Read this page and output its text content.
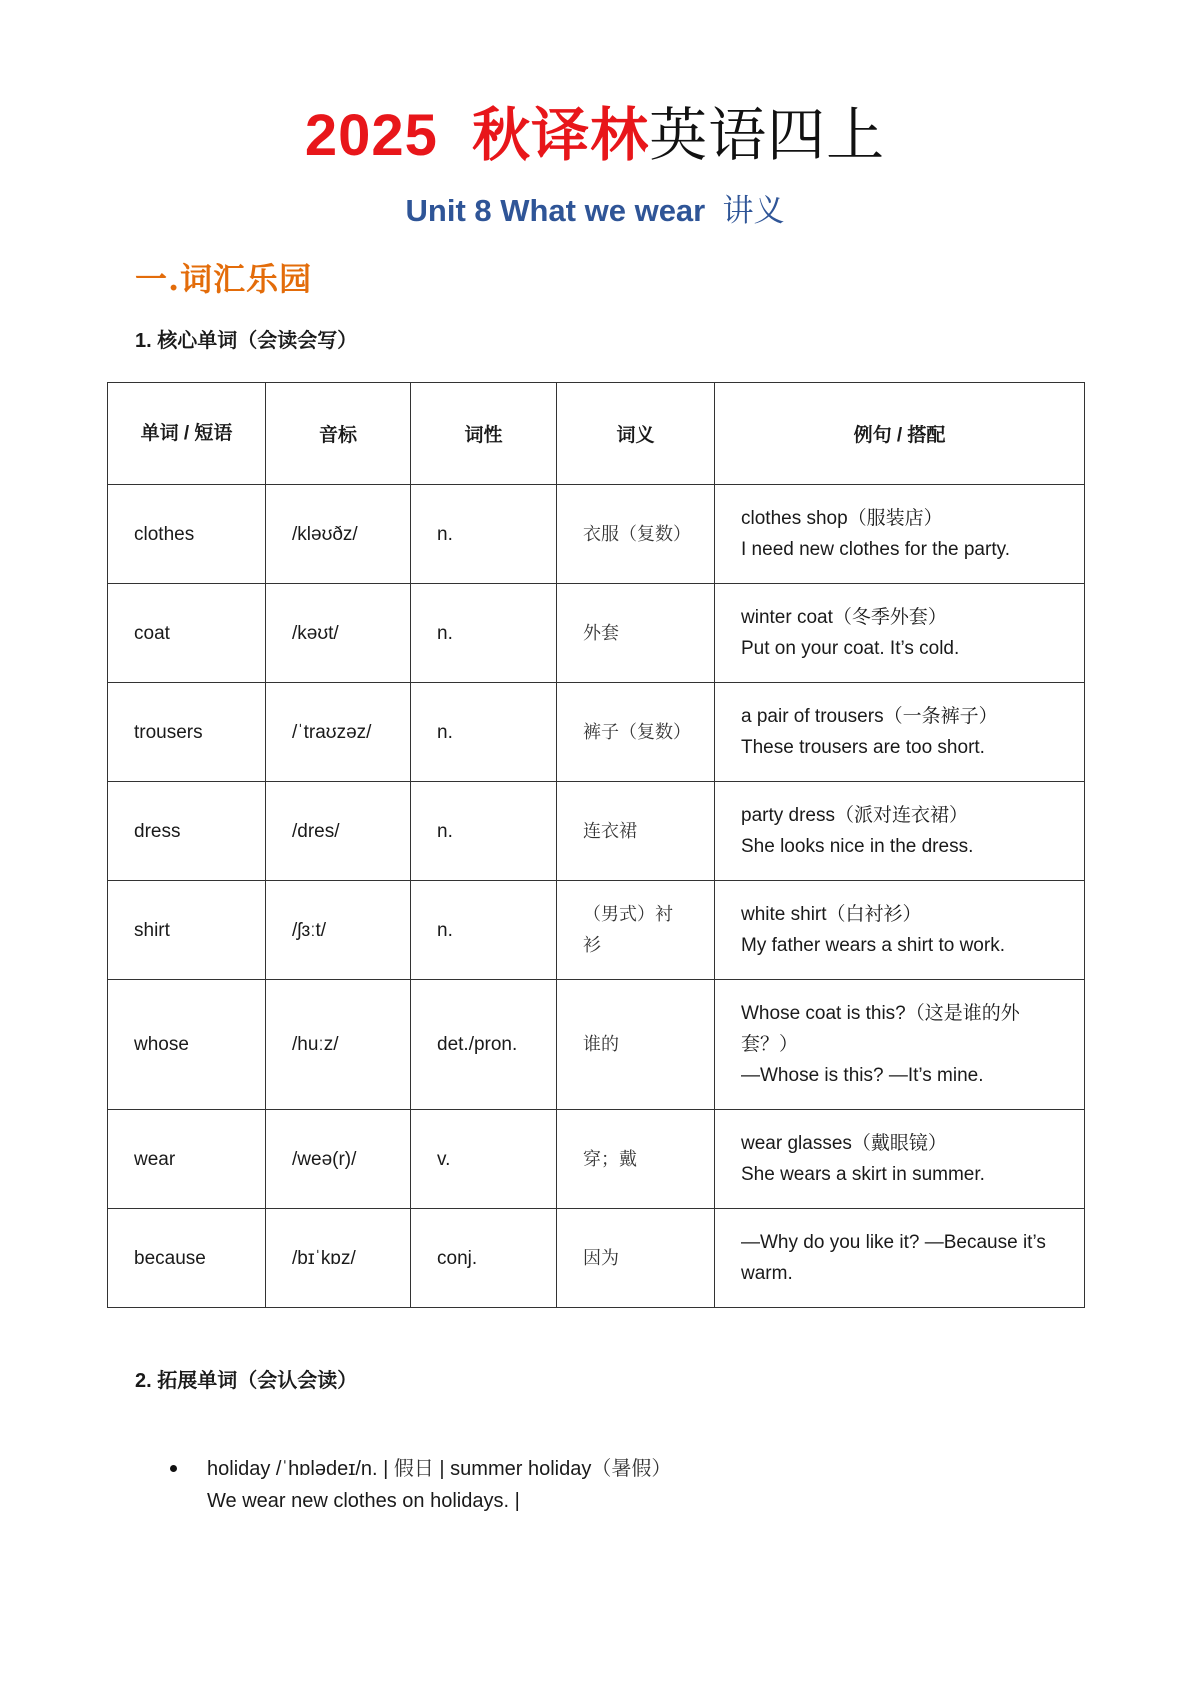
2025 秋译林英语四上
Unit 8 What we wear 讲义
一.词汇乐园
1. 核心单词（会读会写）
单词 / 短语	音标	词性	词义	例句 / 搭配
clothes	/kləʊðz/	n.	衣服（复数）	clothes shop（服装店）
I need new clothes for the party.

coat	/kəʊt/	n.	外套	winter coat（冬季外套）
Put on your coat. It’s cold.

trousers	/ˈtraʊzəz/	n.	裤子（复数）	a pair of trousers（一条裤子）
These trousers are too short.

dress	/dres/	n.	连衣裙	party dress（派对连衣裙）
She looks nice in the dress.

shirt	/ʃɜːt/	n.	（男式）衬衫	white shirt（白衬衫）
My father wears a shirt to work.

whose	/huːz/	det./pron.	谁的	Whose coat is this?（这是谁的外套？）
—Whose is this? —It’s mine.

wear	/weə(r)/	v.	穿；戴	wear glasses（戴眼镜）
She wears a skirt in summer.

because	/bɪˈkɒz/	conj.	因为	—Why do you like it? —Because it’s warm.
2. 拓展单词（会认会读）
holiday /ˈhɒlədeɪ/n. | 假日 | summer holiday（暑假）
We wear new clothes on holidays. |
